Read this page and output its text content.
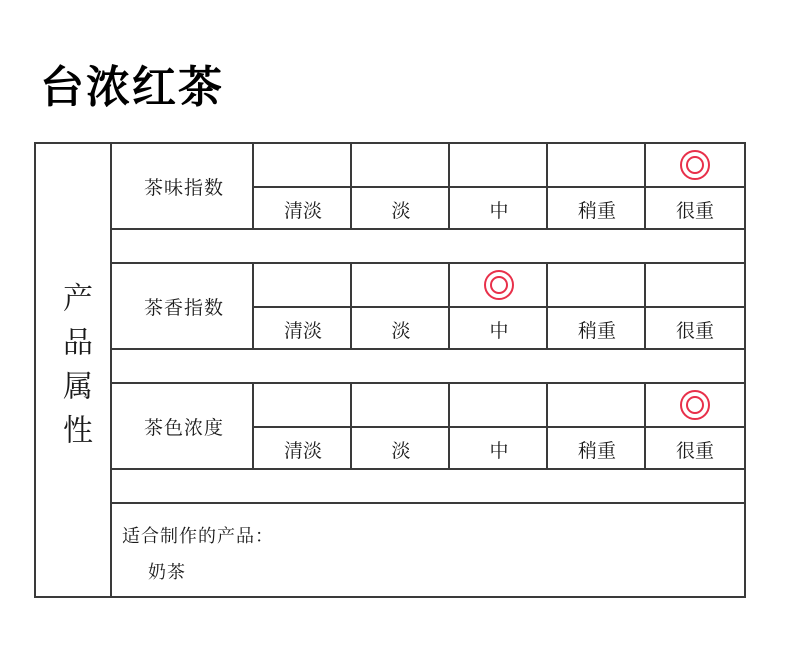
台浓红茶
产品属性
适合制作的产品：
奶茶
茶味指数
清淡	淡	中	稍重	很重
茶香指数
清淡	淡	中	稍重	很重
茶色浓度
清淡	淡	中	稍重	很重
